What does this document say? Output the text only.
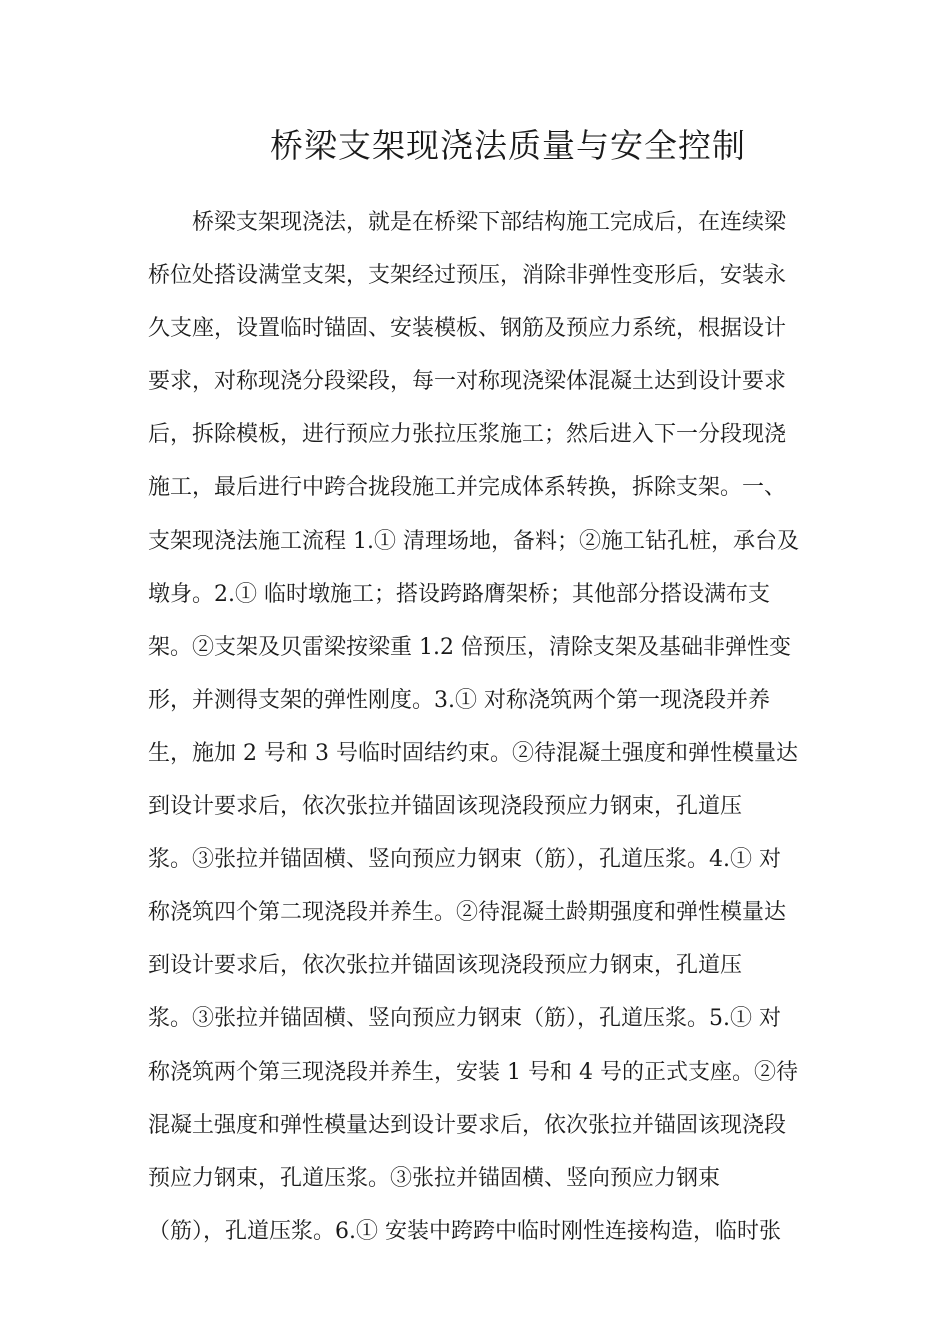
桥梁支架现浇法质量与安全控制
桥梁支架现浇法，就是在桥梁下部结构施工完成后，在连续梁
桥位处搭设满堂支架，支架经过预压，消除非弹性变形后，安装永
久支座，设置临时锚固、安装模板、钢筋及预应力系统，根据设计
要求，对称现浇分段梁段，每一对称现浇梁体混凝土达到设计要求
后，拆除模板，进行预应力张拉压浆施工；然后进入下一分段现浇
施工，最后进行中跨合拢段施工并完成体系转换，拆除支架。一、
支架现浇法施工流程 1.① 清理场地，备料；②施工钻孔桩，承台及
墩身。2.① 临时墩施工；搭设跨路膺架桥；其他部分搭设满布支
架。②支架及贝雷梁按梁重 1.2 倍预压，清除支架及基础非弹性变
形，并测得支架的弹性刚度。3.① 对称浇筑两个第一现浇段并养
生，施加 2 号和 3 号临时固结约束。②待混凝土强度和弹性模量达
到设计要求后，依次张拉并锚固该现浇段预应力钢束，孔道压
浆。③张拉并锚固横、竖向预应力钢束（筋），孔道压浆。4.① 对
称浇筑四个第二现浇段并养生。②待混凝土龄期强度和弹性模量达
到设计要求后，依次张拉并锚固该现浇段预应力钢束，孔道压
浆。③张拉并锚固横、竖向预应力钢束（筋），孔道压浆。5.① 对
称浇筑两个第三现浇段并养生，安装 1 号和 4 号的正式支座。②待
混凝土强度和弹性模量达到设计要求后，依次张拉并锚固该现浇段
预应力钢束，孔道压浆。③张拉并锚固横、竖向预应力钢束
（筋），孔道压浆。6.① 安装中跨跨中临时刚性连接构造，临时张
